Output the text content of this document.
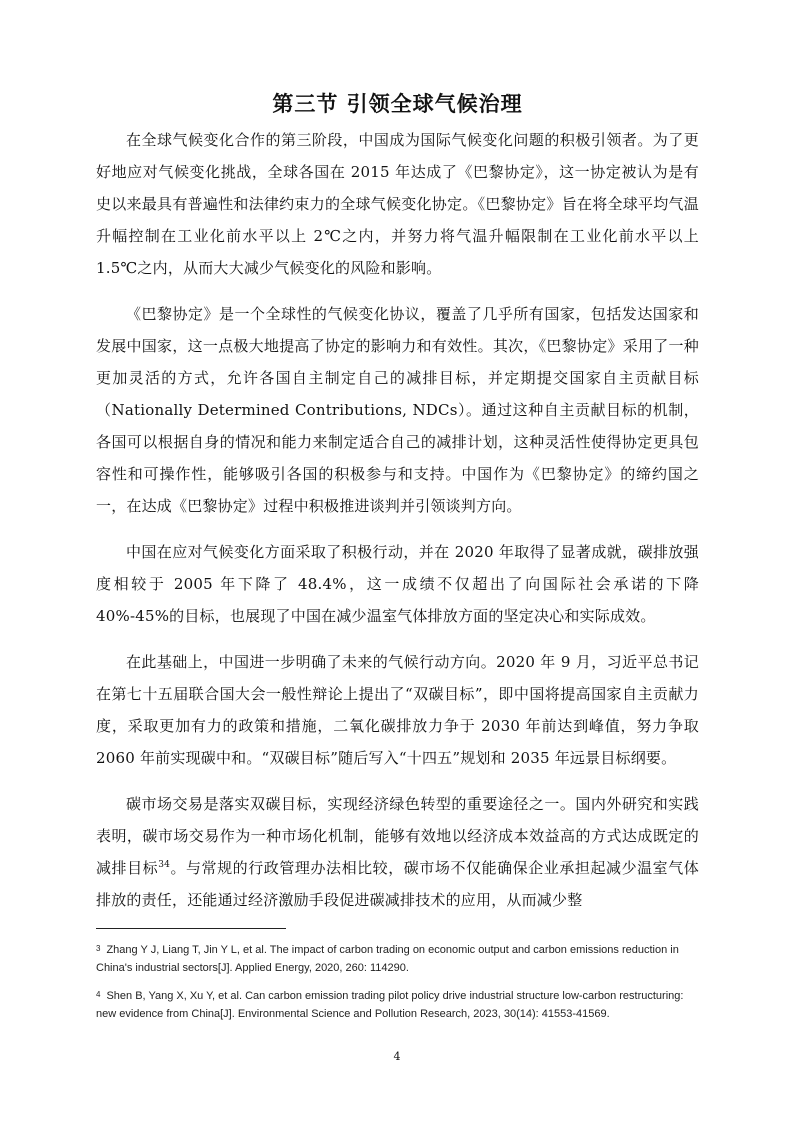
第三节 引领全球气候治理

在全球气候变化合作的第三阶段，中国成为国际气候变化问题的积极引领者。为了更好地应对气候变化挑战，全球各国在 2015 年达成了《巴黎协定》，这一协定被认为是有史以来最具有普遍性和法律约束力的全球气候变化协定。《巴黎协定》旨在将全球平均气温升幅控制在工业化前水平以上 2℃之内，并努力将气温升幅限制在工业化前水平以上 1.5℃之内，从而大大减少气候变化的风险和影响。

《巴黎协定》是一个全球性的气候变化协议，覆盖了几乎所有国家，包括发达国家和发展中国家，这一点极大地提高了协定的影响力和有效性。其次，《巴黎协定》采用了一种更加灵活的方式，允许各国自主制定自己的减排目标，并定期提交国家自主贡献目标（Nationally Determined Contributions, NDCs）。通过这种自主贡献目标的机制，各国可以根据自身的情况和能力来制定适合自己的减排计划，这种灵活性使得协定更具包容性和可操作性，能够吸引各国的积极参与和支持。中国作为《巴黎协定》的缔约国之一，在达成《巴黎协定》过程中积极推进谈判并引领谈判方向。

中国在应对气候变化方面采取了积极行动，并在 2020 年取得了显著成就，碳排放强度相较于 2005 年下降了 48.4%，这一成绩不仅超出了向国际社会承诺的下降 40%-45%的目标，也展现了中国在减少温室气体排放方面的坚定决心和实际成效。

在此基础上，中国进一步明确了未来的气候行动方向。2020 年 9 月，习近平总书记在第七十五届联合国大会一般性辩论上提出了“双碳目标”，即中国将提高国家自主贡献力度，采取更加有力的政策和措施，二氧化碳排放力争于 2030 年前达到峰值，努力争取 2060 年前实现碳中和。“双碳目标”随后写入“十四五”规划和 2035 年远景目标纲要。

碳市场交易是落实双碳目标，实现经济绿色转型的重要途径之一。国内外研究和实践表明，碳市场交易作为一种市场化机制，能够有效地以经济成本效益高的方式达成既定的减排目标$^{34}$。与常规的行政管理办法相比较，碳市场不仅能确保企业承担起减少温室气体排放的责任，还能通过经济激励手段促进碳减排技术的应用，从而减少整

3 Zhang Y J, Liang T, Jin Y L, et al. The impact of carbon trading on economic output and carbon emissions reduction in China's industrial sectors[J]. Applied Energy, 2020, 260: 114290.
4 Shen B, Yang X, Xu Y, et al. Can carbon emission trading pilot policy drive industrial structure low-carbon restructuring: new evidence from China[J]. Environmental Science and Pollution Research, 2023, 30(14): 41553-41569.
4
